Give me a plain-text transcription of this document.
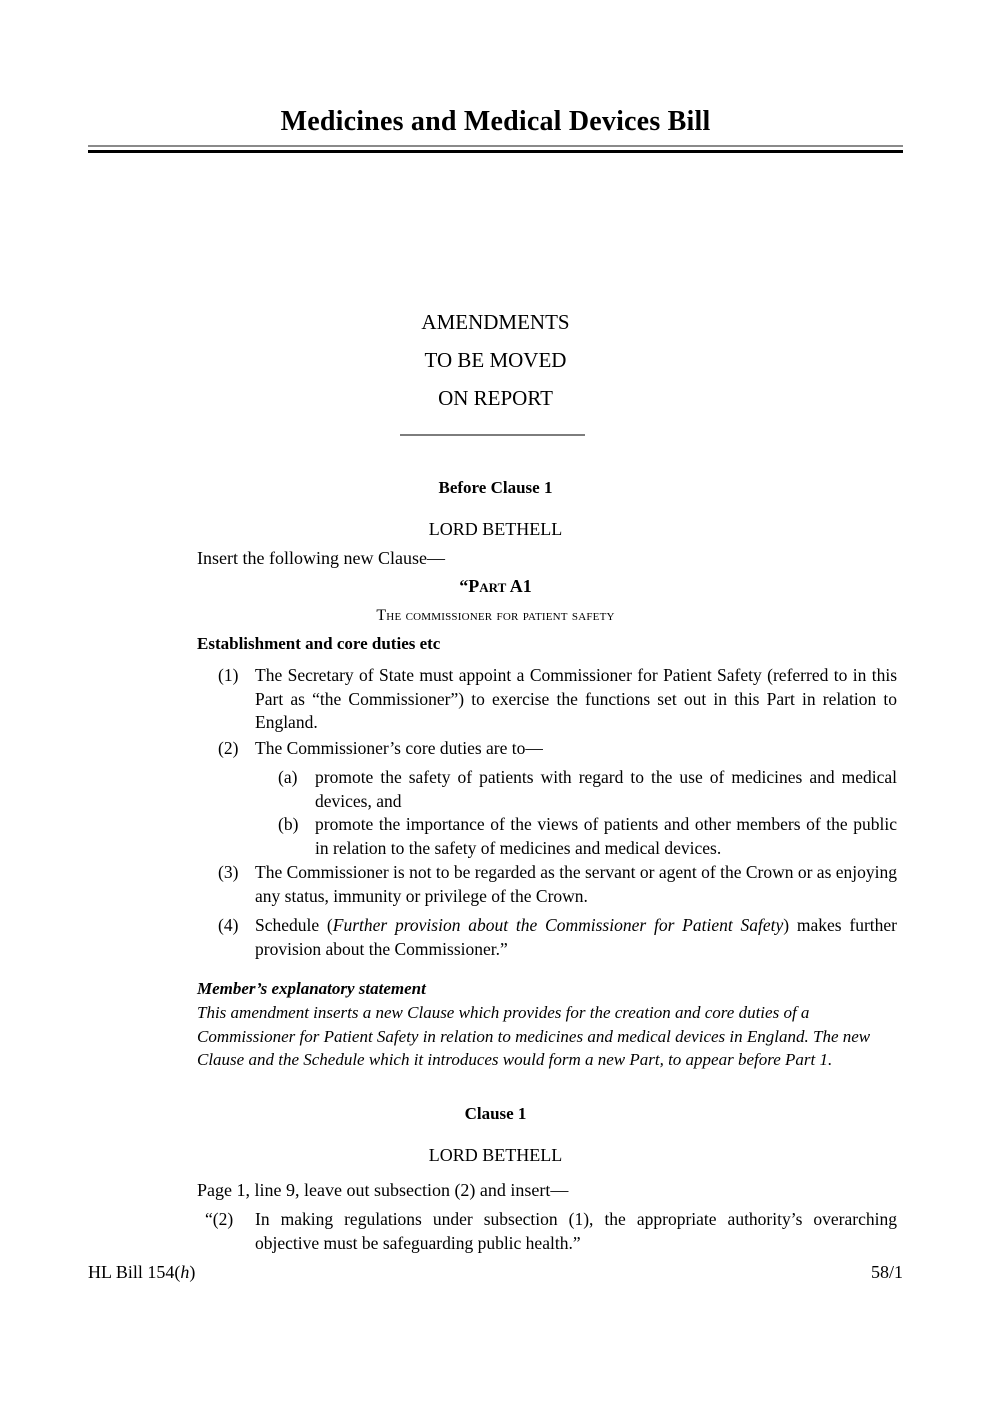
Medicines and Medical Devices Bill
AMENDMENTS
TO BE MOVED
ON REPORT
Before Clause 1
LORD BETHELL
Insert the following new Clause—
“Part A1
The commissioner for patient safety
Establishment and core duties etc
(1) The Secretary of State must appoint a Commissioner for Patient Safety (referred to in this Part as “the Commissioner”) to exercise the functions set out in this Part in relation to England.
(2) The Commissioner’s core duties are to—
(a)	promote the safety of patients with regard to the use of medicines and medical devices, and
(b) promote the importance of the views of patients and other members of the public in relation to the safety of medicines and medical devices.
(3) The Commissioner is not to be regarded as the servant or agent of the Crown or as enjoying any status, immunity or privilege of the Crown.
(4) Schedule (Further provision about the Commissioner for Patient Safety) makes further provision about the Commissioner.”
Member’s explanatory statement
This amendment inserts a new Clause which provides for the creation and core duties of a Commissioner for Patient Safety in relation to medicines and medical devices in England. The new Clause and the Schedule which it introduces would form a new Part, to appear before Part 1.
Clause 1
LORD BETHELL
Page 1, line 9, leave out subsection (2) and insert—
“(2)	In making regulations under subsection (1), the appropriate authority’s overarching objective must be safeguarding public health.”
HL Bill 154(h)	58/1
